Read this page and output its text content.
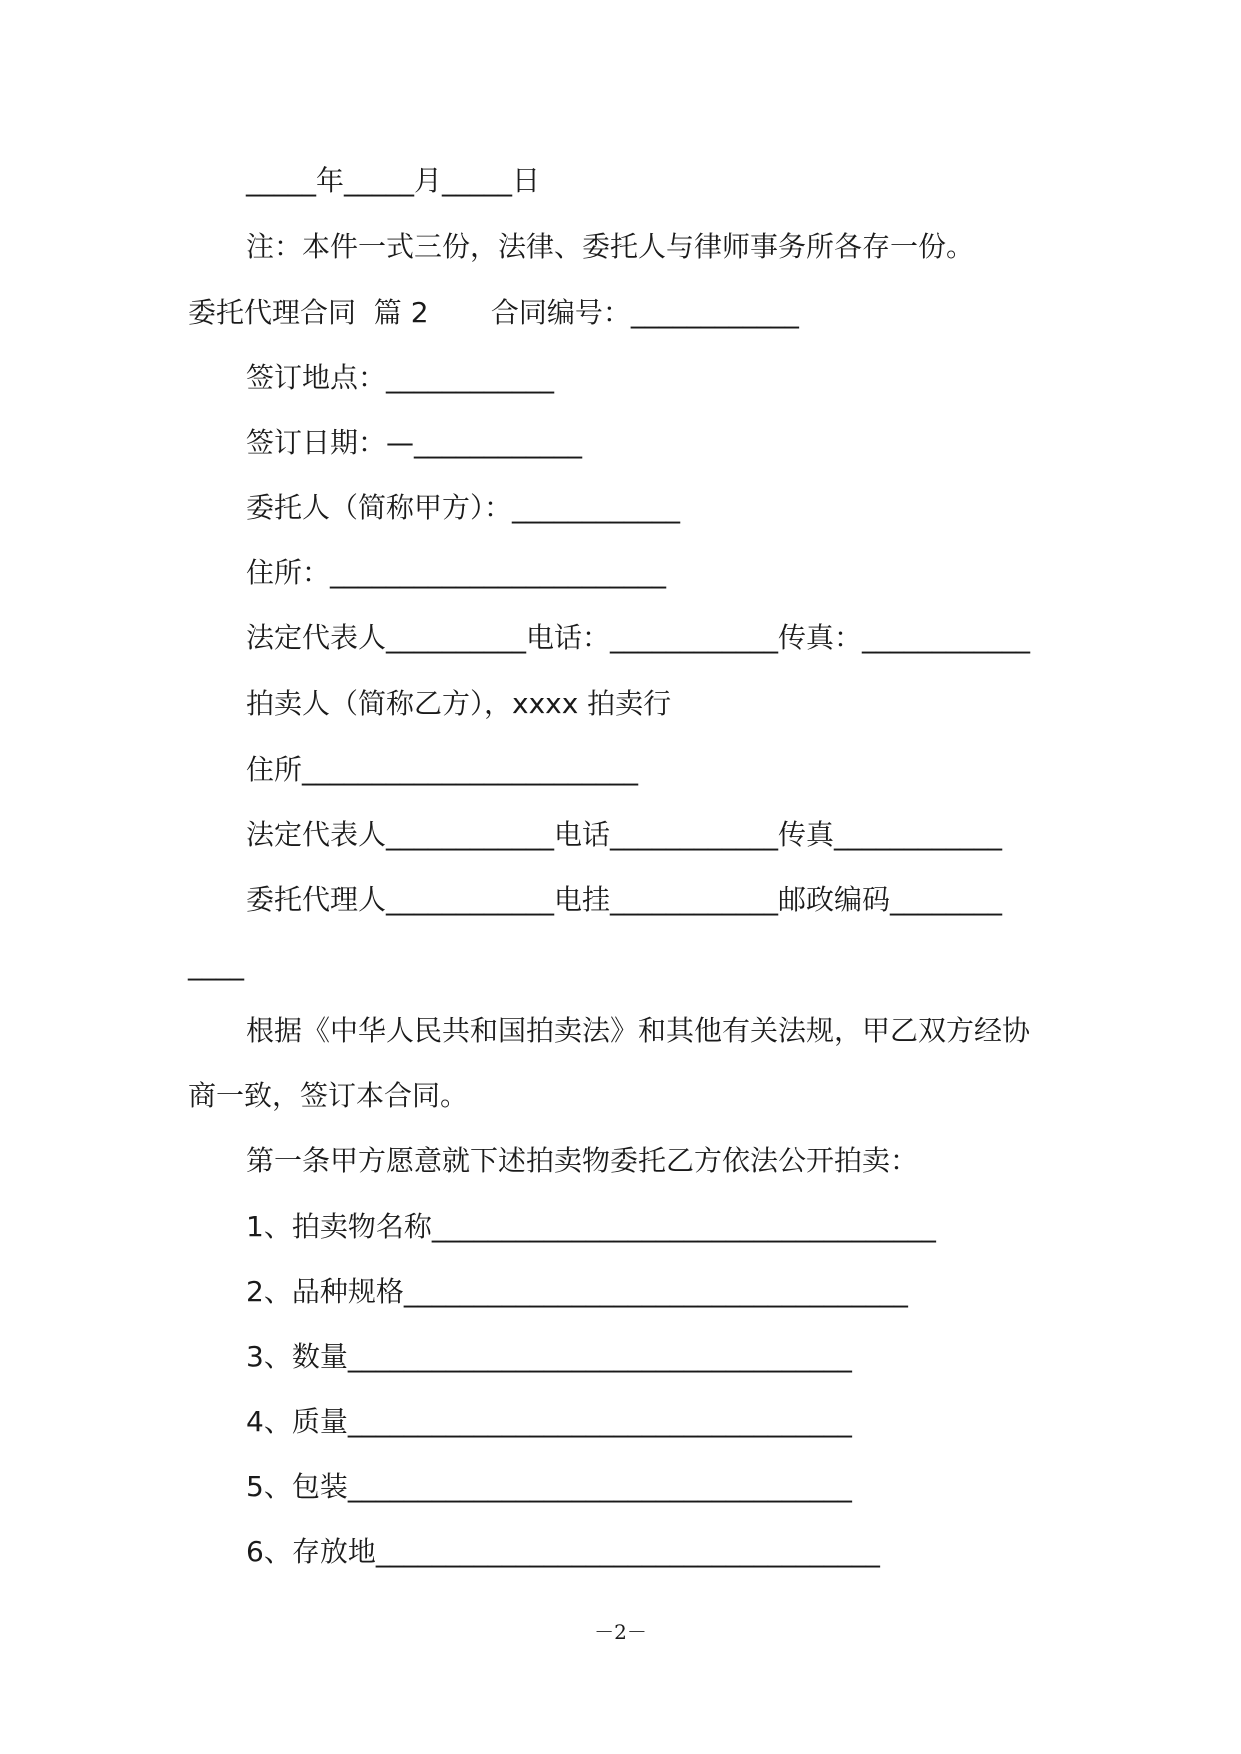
_____年_____月_____日
注：本件一式三份，法律、委托人与律师事务所各存一份。
委托代理合同  篇 2       合同编号：____________
签订地点：____________
签订日期：—____________
委托人（简称甲方）：____________
住所：________________________
法定代表人__________电话：____________传真：____________
拍卖人（简称乙方），xxxx 拍卖行
住所________________________
法定代表人____________电话____________传真____________
委托代理人____________电挂____________邮政编码________
____
根据《中华人民共和国拍卖法》和其他有关法规，甲乙双方经协
商一致，签订本合同。
第一条甲方愿意就下述拍卖物委托乙方依法公开拍卖：
1、拍卖物名称____________________________________
2、品种规格____________________________________
3、数量____________________________________
4、质量____________________________________
5、包装____________________________________
6、存放地____________________________________
－2－
